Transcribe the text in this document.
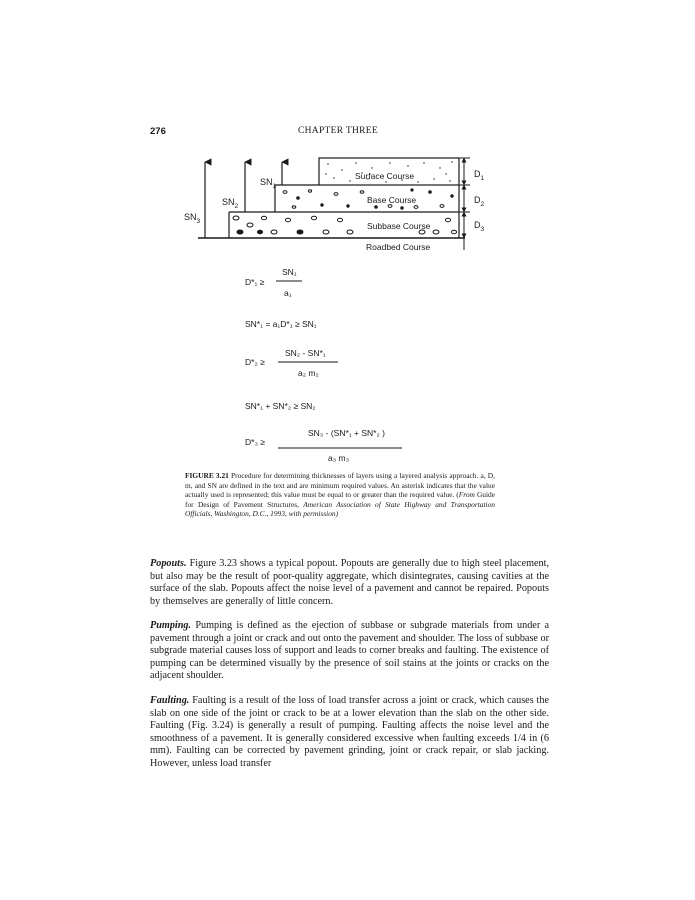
276	CHAPTER THREE
$SN_1$
$SN_2$
$SN_3$
Surface Course
Base Course
Subbase Course
Roadbed Course
$D_1$
$D_2$
$D_3$
D*₁ ≥
SN₁
a₁
SN*₁ = a₁D*₁ ≥ SN₁
D*₂ ≥
SN₂ - SN*₁
a₂ m₂
SN*₁ + SN*₂ ≥ SN₂
D*₃ ≥
SN₃ - (SN*₁ + SN*₂ )
a₃ m₃
FIGURE 3.21 Procedure for determining thicknesses of layers using a layered analysis approach. a, D, m, and SN are defined in the text and are minimum required values. An asterisk indicates that the value actually used is represented; this value must be equal to or greater than the required value. (From Guide for Design of Pavement Structures, American Association of State Highway and Transportation Officials, Washington, D.C., 1993, with permission)

Popouts. Figure 3.23 shows a typical popout. Popouts are generally due to high steel placement, but also may be the result of poor-quality aggregate, which disintegrates, causing cavities at the surface of the slab. Popouts affect the noise level of a pavement and cannot be repaired. Popouts by themselves are generally of little concern.

Pumping. Pumping is defined as the ejection of subbase or subgrade materials from under a pavement through a joint or crack and out onto the pavement and shoulder. The loss of subbase or subgrade material causes loss of support and leads to corner breaks and faulting. The existence of pumping can be determined visually by the presence of soil stains at the joints or cracks on the adjacent shoulder.

Faulting. Faulting is a result of the loss of load transfer across a joint or crack, which causes the slab on one side of the joint or crack to be at a lower elevation than the slab on the other side. Faulting (Fig. 3.24) is generally a result of pumping. Faulting affects the noise level and the smoothness of a pavement. It is generally considered excessive when faulting exceeds 1/4 in (6 mm). Faulting can be corrected by pavement grinding, joint or crack repair, or slab jacking. However, unless load transfer
